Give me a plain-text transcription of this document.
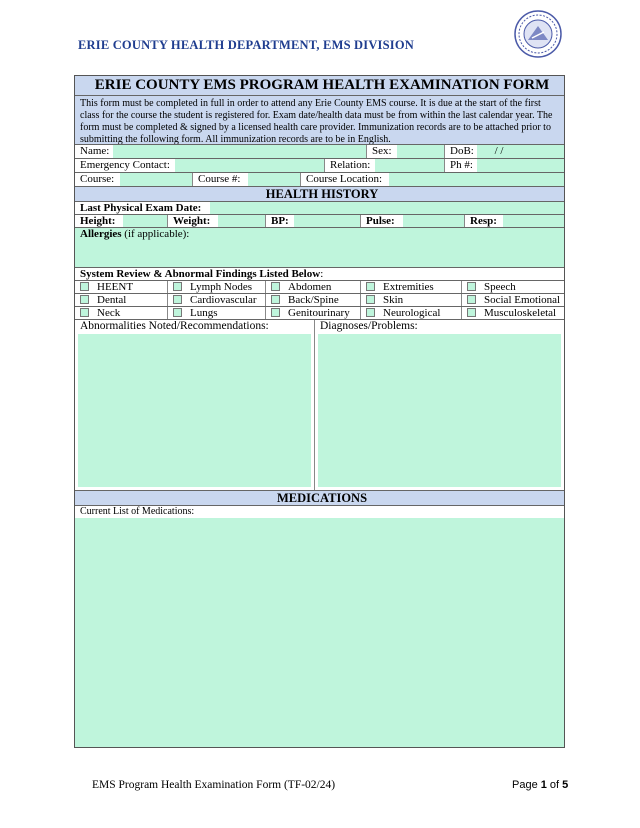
ERIE COUNTY HEALTH DEPARTMENT, EMS DIVISION
ERIE COUNTY EMS PROGRAM HEALTH EXAMINATION FORM
This form must be completed in full in order to attend any Erie County EMS course. It is due at the start of the first class for the course the student is registered for. Exam date/health data must be from within the last calendar year. The form must be completed & signed by a licensed health care provider. Immunization records are to be attached prior to submitting the following form. All immunization records are to be in English.
Name:	Sex:	DoB: / /
Emergency Contact:	Relation:	Ph #:
Course:	Course #:	Course Location:
HEALTH HISTORY
Last Physical Exam Date:
Height:	Weight:	BP:	Pulse:	Resp:
Allergies (if applicable):
System Review & Abnormal Findings Listed Below:
HEENT	Lymph Nodes	Abdomen	Extremities	Speech
Dental	Cardiovascular	Back/Spine	Skin	Social Emotional
Neck	Lungs	Genitourinary	Neurological	Musculoskeletal
Abnormalities Noted/Recommendations:	Diagnoses/Problems:
MEDICATIONS
Current List of Medications:
EMS Program Health Examination Form (TF-02/24)	Page 1 of 5
